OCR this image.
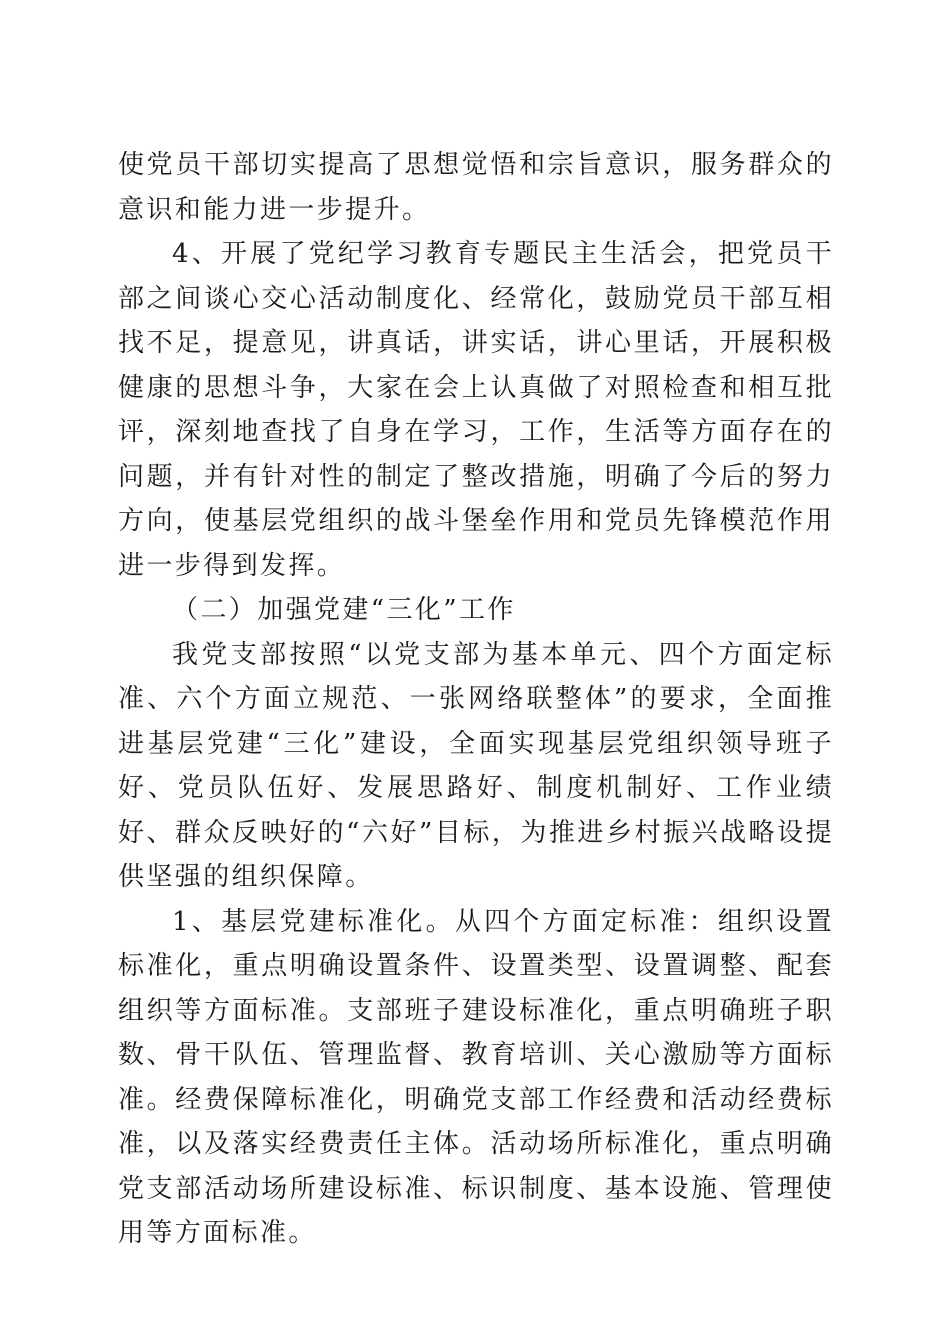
使党员干部切实提高了思想觉悟和宗旨意识，服务群众的意识和能力进一步提升。

4、开展了党纪学习教育专题民主生活会，把党员干部之间谈心交心活动制度化、经常化，鼓励党员干部互相找不足，提意见，讲真话，讲实话，讲心里话，开展积极健康的思想斗争，大家在会上认真做了对照检查和相互批评，深刻地查找了自身在学习，工作，生活等方面存在的问题，并有针对性的制定了整改措施，明确了今后的努力方向，使基层党组织的战斗堡垒作用和党员先锋模范作用进一步得到发挥。

（二）加强党建“三化”工作

我党支部按照“以党支部为基本单元、四个方面定标准、六个方面立规范、一张网络联整体”的要求，全面推进基层党建“三化”建设，全面实现基层党组织领导班子好、党员队伍好、发展思路好、制度机制好、工作业绩好、群众反映好的“六好”目标，为推进乡村振兴战略设提供坚强的组织保障。

1、基层党建标准化。从四个方面定标准：组织设置标准化，重点明确设置条件、设置类型、设置调整、配套组织等方面标准。支部班子建设标准化，重点明确班子职数、骨干队伍、管理监督、教育培训、关心激励等方面标准。经费保障标准化，明确党支部工作经费和活动经费标准，以及落实经费责任主体。活动场所标准化，重点明确党支部活动场所建设标准、标识制度、基本设施、管理使用等方面标准。
